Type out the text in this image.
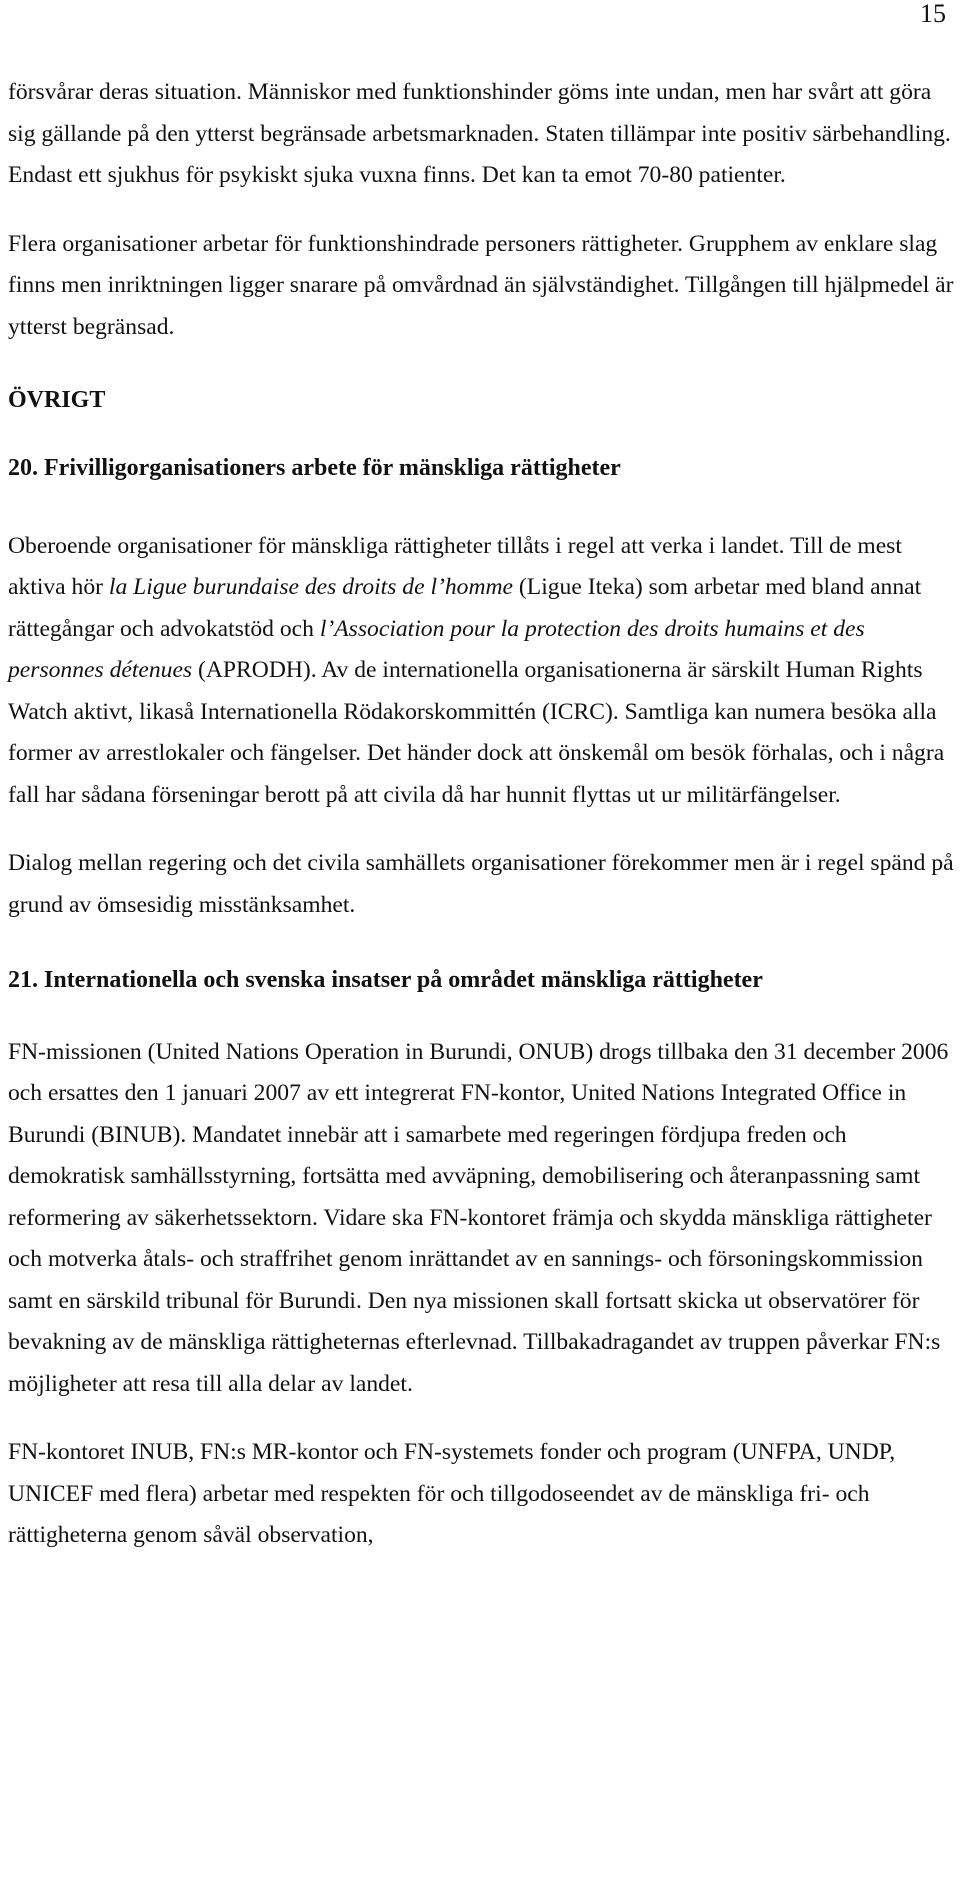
15

försvårar deras situation. Människor med funktionshinder göms inte undan, men har svårt att göra sig gällande på den ytterst begränsade arbetsmarknaden. Staten tillämpar inte positiv särbehandling. Endast ett sjukhus för psykiskt sjuka vuxna finns. Det kan ta emot 70-80 patienter.

Flera organisationer arbetar för funktionshindrade personers rättigheter. Grupphem av enklare slag finns men inriktningen ligger snarare på omvårdnad än självständighet. Tillgången till hjälpmedel är ytterst begränsad.

ÖVRIGT
20. Frivilligorganisationers arbete för mänskliga rättigheter

Oberoende organisationer för mänskliga rättigheter tillåts i regel att verka i landet. Till de mest aktiva hör la Ligue burundaise des droits de l’homme (Ligue Iteka) som arbetar med bland annat rättegångar och advokatstöd och l’Association pour la protection des droits humains et des personnes détenues (APRODH). Av de internationella organisationerna är särskilt Human Rights Watch aktivt, likaså Internationella Rödakorskommittén (ICRC). Samtliga kan numera besöka alla former av arrestlokaler och fängelser. Det händer dock att önskemål om besök förhalas, och i några fall har sådana förseningar berott på att civila då har hunnit flyttas ut ur militärfängelser.

Dialog mellan regering och det civila samhällets organisationer förekommer men är i regel spänd på grund av ömsesidig misstänksamhet.

21. Internationella och svenska insatser på området mänskliga rättigheter

FN-missionen (United Nations Operation in Burundi, ONUB) drogs tillbaka den 31 december 2006 och ersattes den 1 januari 2007 av ett integrerat FN-kontor, United Nations Integrated Office in Burundi (BINUB). Mandatet innebär att i samarbete med regeringen fördjupa freden och demokratisk samhällsstyrning, fortsätta med avväpning, demobilisering och återanpassning samt reformering av säkerhetssektorn. Vidare ska FN-kontoret främja och skydda mänskliga rättigheter och motverka åtals- och straffrihet genom inrättandet av en sannings- och försoningskommission samt en särskild tribunal för Burundi. Den nya missionen skall fortsatt skicka ut observatörer för bevakning av de mänskliga rättigheternas efterlevnad. Tillbakadragandet av truppen påverkar FN:s möjligheter att resa till alla delar av landet.

FN-kontoret INUB, FN:s MR-kontor och FN-systemets fonder och program (UNFPA, UNDP, UNICEF med flera) arbetar med respekten för och tillgodoseendet av de mänskliga fri- och rättigheterna genom såväl observation,
